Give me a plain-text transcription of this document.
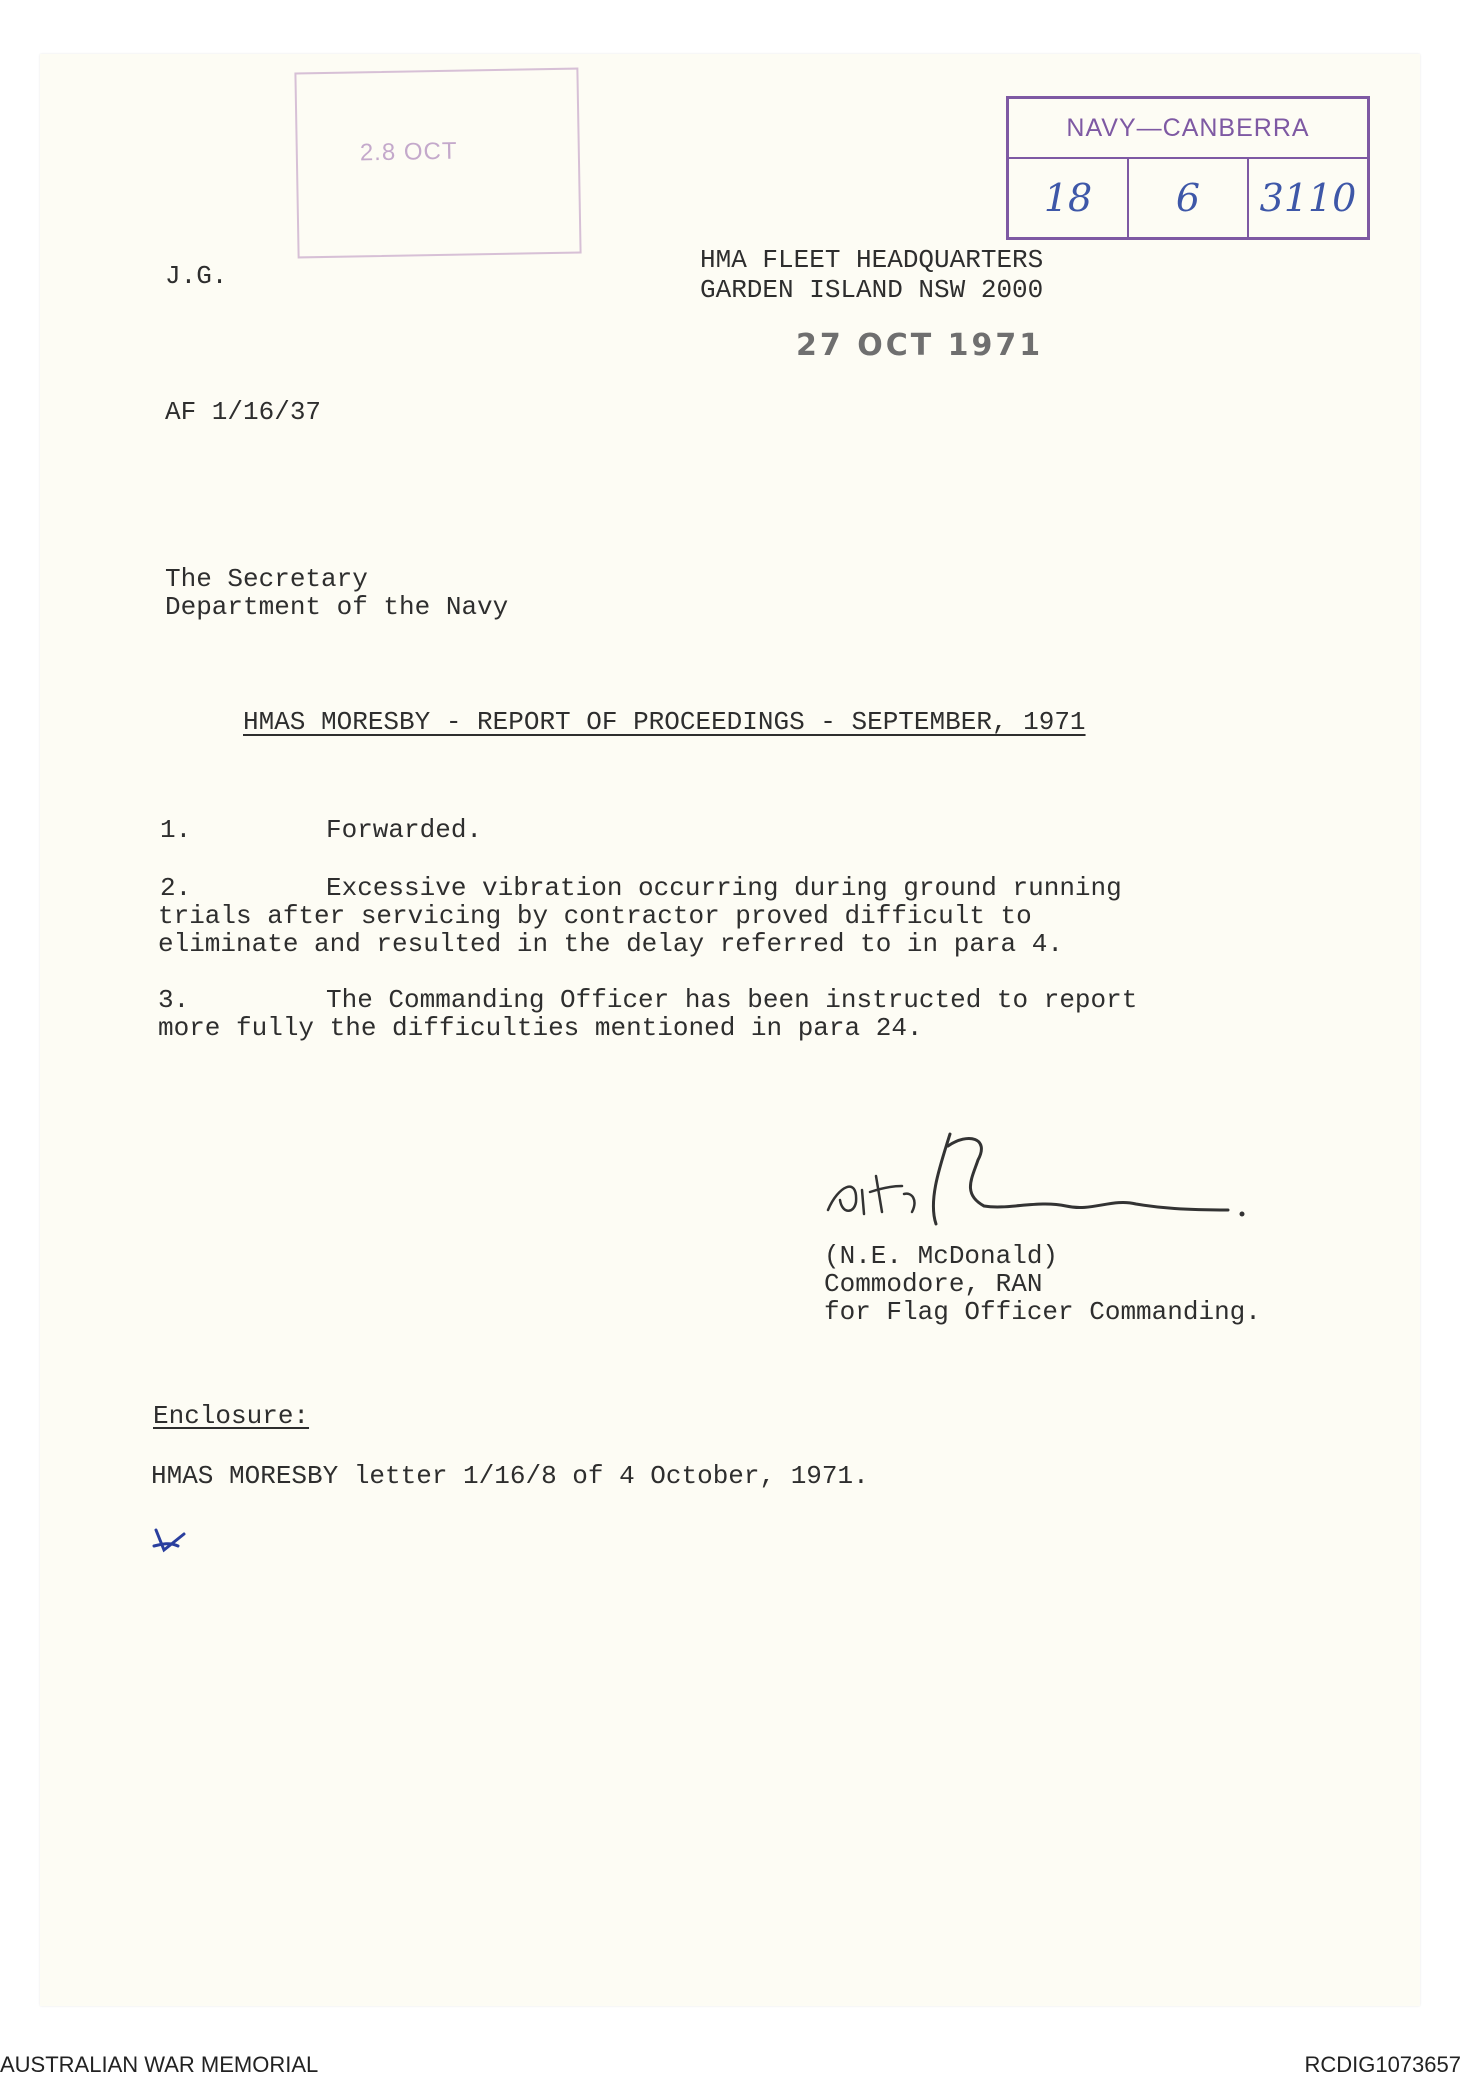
2.8 OCT
NAVY—CANBERRA
18	6	3110
J.G.
HMA FLEET HEADQUARTERS
GARDEN ISLAND NSW 2000
27 OCT 1971
AF 1/16/37
The Secretary
Department of the Navy
HMAS MORESBY - REPORT OF PROCEEDINGS - SEPTEMBER, 1971
1.	Forwarded.
2.	Excessive vibration occurring during ground running
trials after servicing by contractor proved difficult to
eliminate and resulted in the delay referred to in para 4.
3.	The Commanding Officer has been instructed to report
more fully the difficulties mentioned in para 24.
(N.E. McDonald)
Commodore, RAN
for Flag Officer Commanding.
Enclosure:
HMAS MORESBY letter 1/16/8 of 4 October, 1971.
AUSTRALIAN WAR MEMORIAL	RCDIG1073657
